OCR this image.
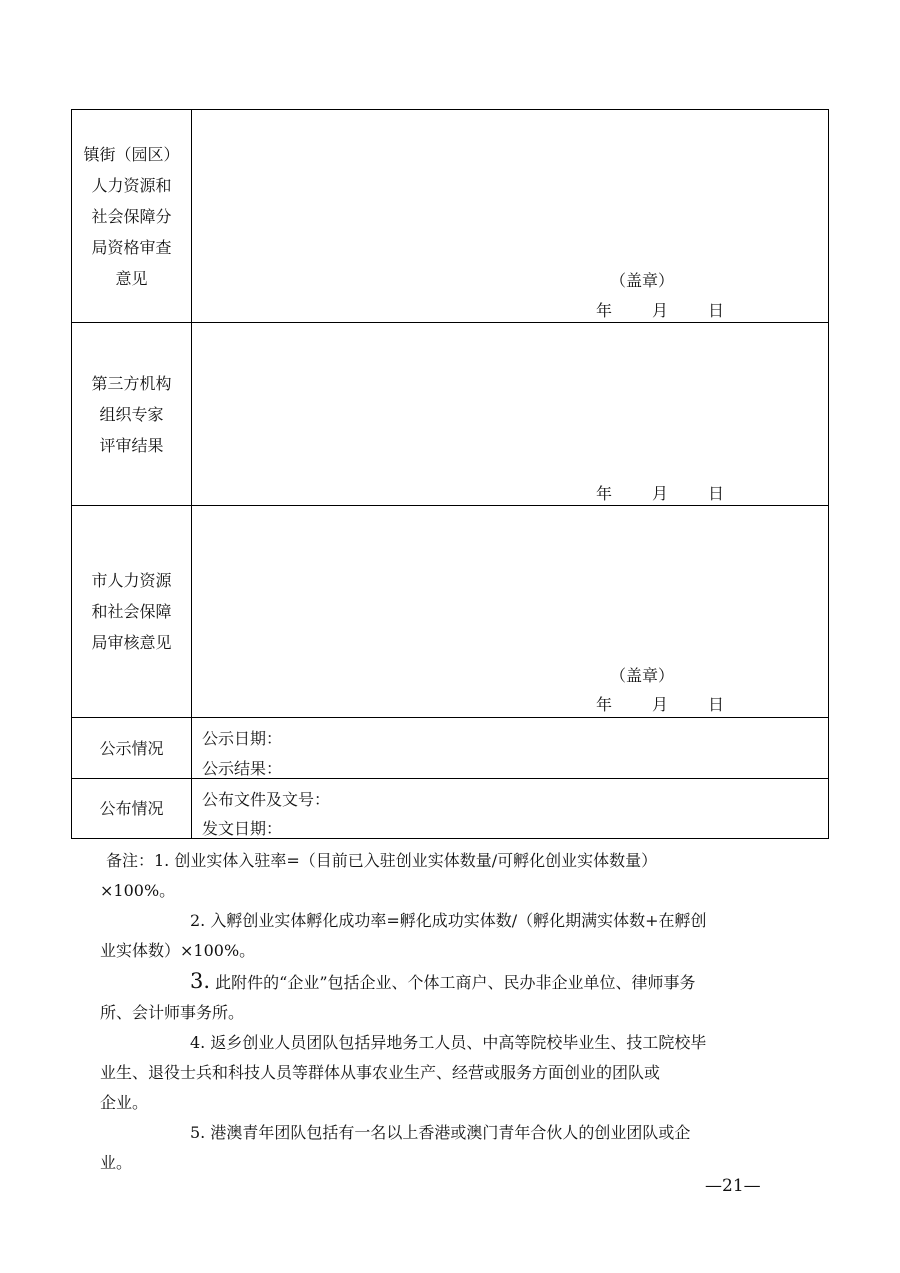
镇街（园区）
人力资源和
社会保障分
局资格审查
意见	（盖章）
年	月	日
第三方机构
组织专家
评审结果
年	月	日
市人力资源
和社会保障
局审核意见
（盖章）
年	月	日
公示情况 公示日期：
公示结果：
公布情况 公布文件及文号：
发文日期：

备注：1. 创业实体入驻率=（目前已入驻创业实体数量/可孵化创业实体数量）

×100%。

2. 入孵创业实体孵化成功率=孵化成功实体数/（孵化期满实体数+在孵创

业实体数）×100%。

3. 此附件的“企业”包括企业、个体工商户、民办非企业单位、律师事务

所、会计师事务所。

4. 返乡创业人员团队包括异地务工人员、中高等院校毕业生、技工院校毕

业生、退役士兵和科技人员等群体从事农业生产、经营或服务方面创业的团队或

企业。

5. 港澳青年团队包括有一名以上香港或澳门青年合伙人的创业团队或企

业。

—21—
